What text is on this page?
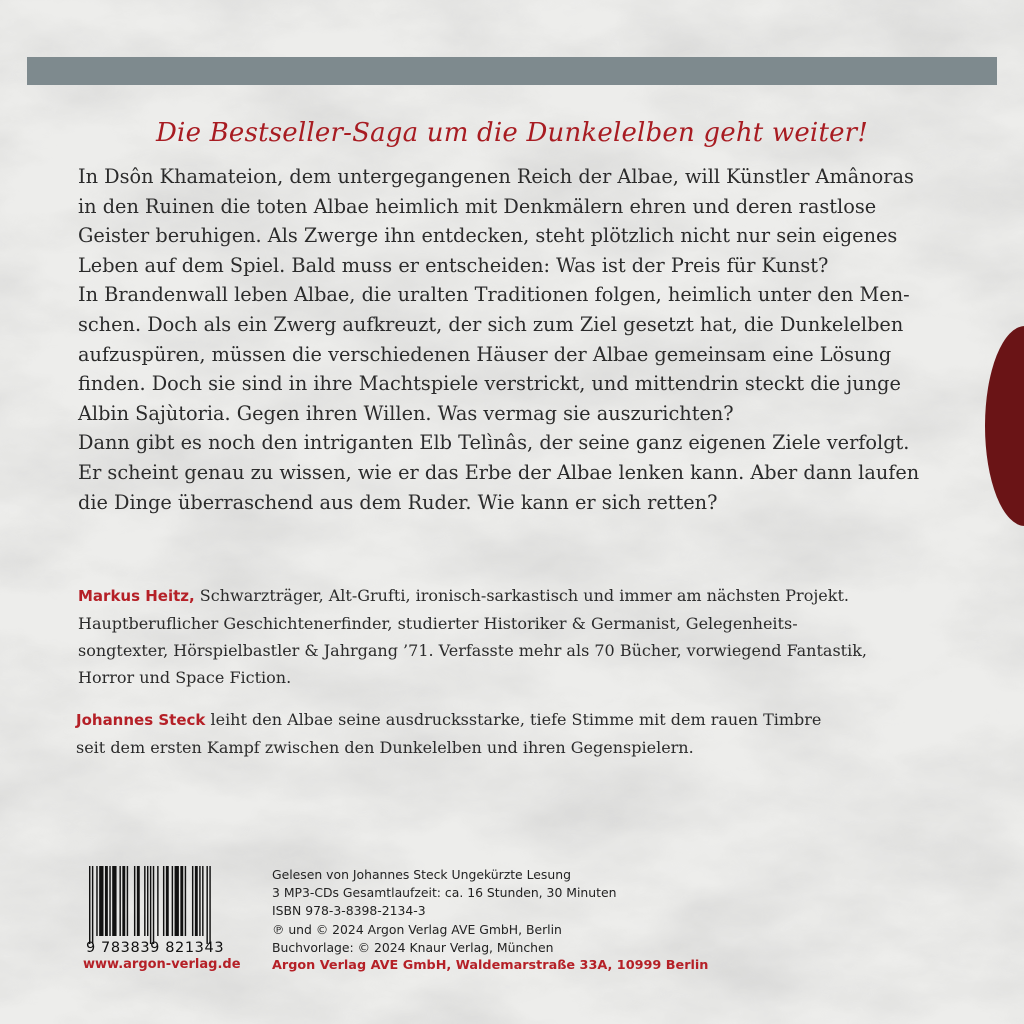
Die Bestseller-Saga um die Dunkelelben geht weiter!
In Dsôn Khamateion, dem untergegangenen Reich der Albae, will Künstler Amânoras
in den Ruinen die toten Albae heimlich mit Denkmälern ehren und deren rastlose
Geister beruhigen. Als Zwerge ihn entdecken, steht plötzlich nicht nur sein eigenes
Leben auf dem Spiel. Bald muss er entscheiden: Was ist der Preis für Kunst?
In Brandenwall leben Albae, die uralten Traditionen folgen, heimlich unter den Men-
schen. Doch als ein Zwerg aufkreuzt, der sich zum Ziel gesetzt hat, die Dunkelelben
aufzuspüren, müssen die verschiedenen Häuser der Albae gemeinsam eine Lösung
finden. Doch sie sind in ihre Machtspiele verstrickt, und mittendrin steckt die junge
Albin Sajùtoria. Gegen ihren Willen. Was vermag sie auszurichten?
Dann gibt es noch den intriganten Elb Telìnâs, der seine ganz eigenen Ziele verfolgt.
Er scheint genau zu wissen, wie er das Erbe der Albae lenken kann. Aber dann laufen
die Dinge überraschend aus dem Ruder. Wie kann er sich retten?
Markus Heitz, Schwarzträger, Alt-Grufti, ironisch-sarkastisch und immer am nächsten Projekt.
Hauptberuflicher Geschichtenerfinder, studierter Historiker & Germanist, Gelegenheits-
songtexter, Hörspielbastler & Jahrgang ’71. Verfasste mehr als 70 Bücher, vorwiegend Fantastik,
Horror und Space Fiction.
Johannes Steck leiht den Albae seine ausdrucksstarke, tiefe Stimme mit dem rauen Timbre
seit dem ersten Kampf zwischen den Dunkelelben und ihren Gegenspielern.
9 783839 821343
www.argon-verlag.de
Gelesen von Johannes Steck Ungekürzte Lesung
3 MP3-CDs Gesamtlaufzeit: ca. 16 Stunden, 30 Minuten
ISBN 978-3-8398-2134-3
℗ und © 2024 Argon Verlag AVE GmbH, Berlin
Buchvorlage: © 2024 Knaur Verlag, München
Argon Verlag AVE GmbH, Waldemarstraße 33A, 10999 Berlin
